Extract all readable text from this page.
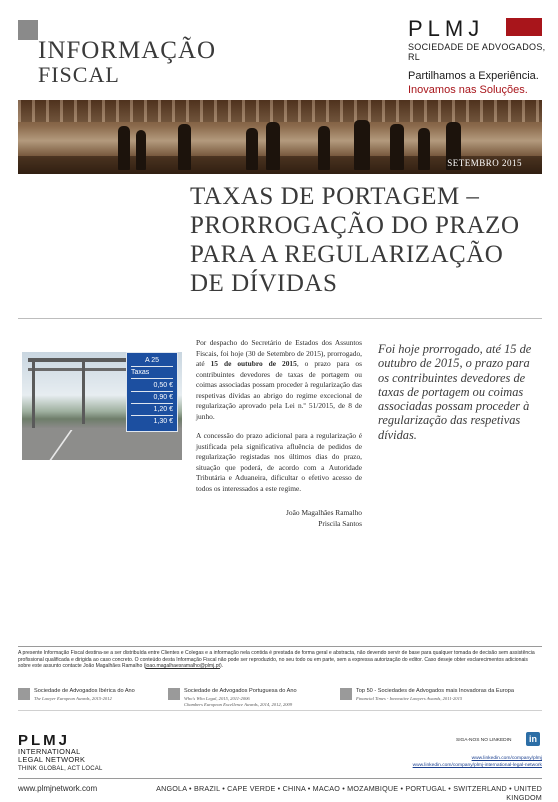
INFORMAÇÃO
FISCAL
PLMJ
SOCIEDADE DE ADVOGADOS, RL
Partilhamos a Experiência.
Inovamos nas Soluções.
SETEMBRO 2015
TAXAS DE PORTAGEM –
PRORROGAÇÃO DO PRAZO
PARA A REGULARIZAÇÃO
DE DÍVIDAS
A 25
Taxas
0,50 €
0,90 €
1,20 €
1,30 €
Por despacho do Secretário de Estados dos Assuntos Fiscais, foi hoje (30 de Setembro de 2015), prorrogado, até 15 de outubro de 2015, o prazo para os contribuintes devedores de taxas de portagem ou coimas associadas possam proceder à regularização das respetivas dívidas ao abrigo do regime excecional de regularização aprovado pela Lei n.º 51/2015, de 8 de junho.
A concessão do prazo adicional para a regularização é justificada pela significativa afluência de pedidos de regularização registadas nos últimos dias do prazo, situação que poderá, de acordo com a Autoridade Tributária e Aduaneira, dificultar o efetivo acesso de todos os interessados a este regime.
João Magalhães Ramalho
Priscila Santos
Foi hoje prorrogado, até 15 de outubro de 2015, o prazo para os contribuintes devedores de taxas de portagem ou coimas associadas possam proceder à regularização das respetivas dívidas.
A presente Informação Fiscal destina-se a ser distribuída entre Clientes e Colegas e a informação nela contida é prestada de forma geral e abstracta, não devendo servir de base para qualquer tomada de decisão sem assistência profissional qualificada e dirigida ao caso concreto. O conteúdo desta Informação Fiscal não pode ser reproduzido, no seu todo ou em parte, sem a expressa autorização do editor. Caso deseje obter esclarecimentos adicionais sobre este assunto contacte João Magalhães Ramalho (joao.magalhaesramalho@plmj.pt).
Sociedade de Advogados Ibérica do Ano
The Lawyer European Awards, 2015-2012
Sociedade de Advogados Portuguesa do Ano
Who's Who Legal, 2015, 2011-2006
Chambers European Excellence Awards, 2014, 2012, 2009
Top 50 - Sociedades de Advogados mais Inovadoras da Europa
Financial Times - Innovative Lawyers Awards, 2011-2015
PLMJ
INTERNATIONAL
LEGAL NETWORK
THINK GLOBAL, ACT LOCAL
SIGA-NOS NO LINKEDIN	in
www.linkedin.com/company/plmj
www.linkedin.com/company/plmj-international-legal-network
www.plmjnetwork.com	ANGOLA • BRAZIL • CAPE VERDE • CHINA • MACAO • MOZAMBIQUE • PORTUGAL • SWITZERLAND • UNITED KINGDOM
